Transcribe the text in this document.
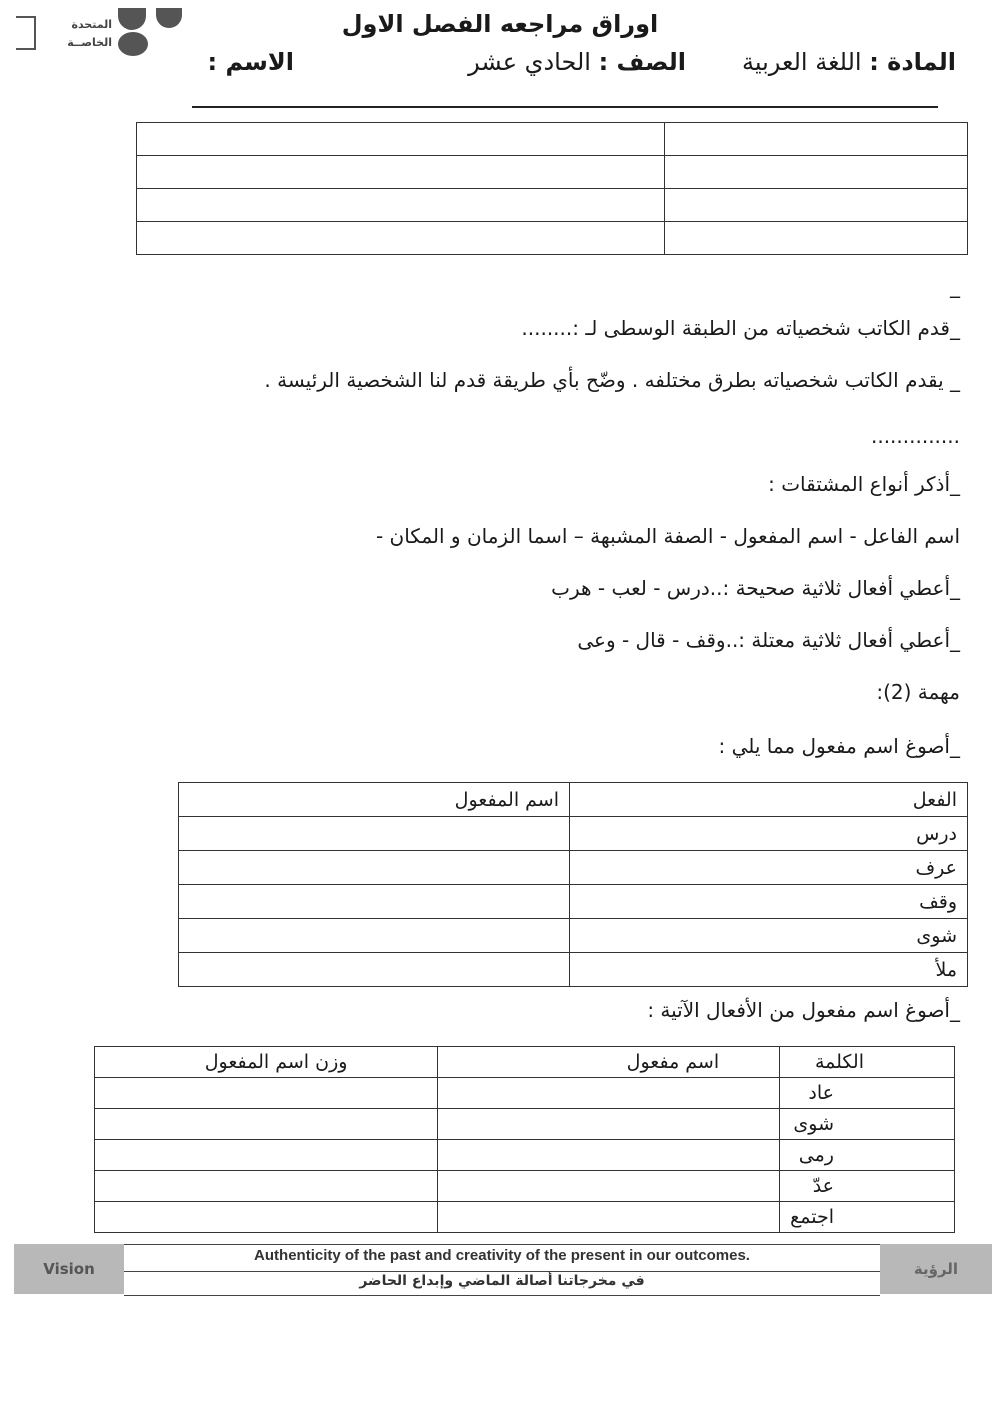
المتحدة
الخاصــة
اوراق مراجعه الفصل الاول
المادة : اللغة العربية
الصف : الحادي عشر
الاسم :

_
_قدم الكاتب شخصياته من الطبقة الوسطى لـ :........
_ يقدم الكاتب شخصياته بطرق مختلفه . وضّح بأي طريقة قدم لنا الشخصية الرئيسة .
..............
_أذكر أنواع المشتقات :
اسم الفاعل - اسم المفعول - الصفة المشبهة – اسما الزمان و المكان -
_أعطي أفعال ثلاثية صحيحة :..درس - لعب - هرب
_أعطي أفعال ثلاثية معتلة :..وقف - قال - وعى
مهمة (2):
_أصوغ اسم مفعول مما يلي :
الفعل	اسم المفعول
درس	
عرف	
وقف	
شوى	
ملأ	
_أصوغ اسم مفعول من الأفعال الآتية :
الكلمة	اسم مفعول	وزن اسم المفعول
عاد		
شوى		
رمى		
عدّ		
اجتمع		
Vision
Authenticity of the past and creativity of the present in our outcomes.
في مخرجاتنا أصالة الماضي وإبداع الحاضر
الرؤية
